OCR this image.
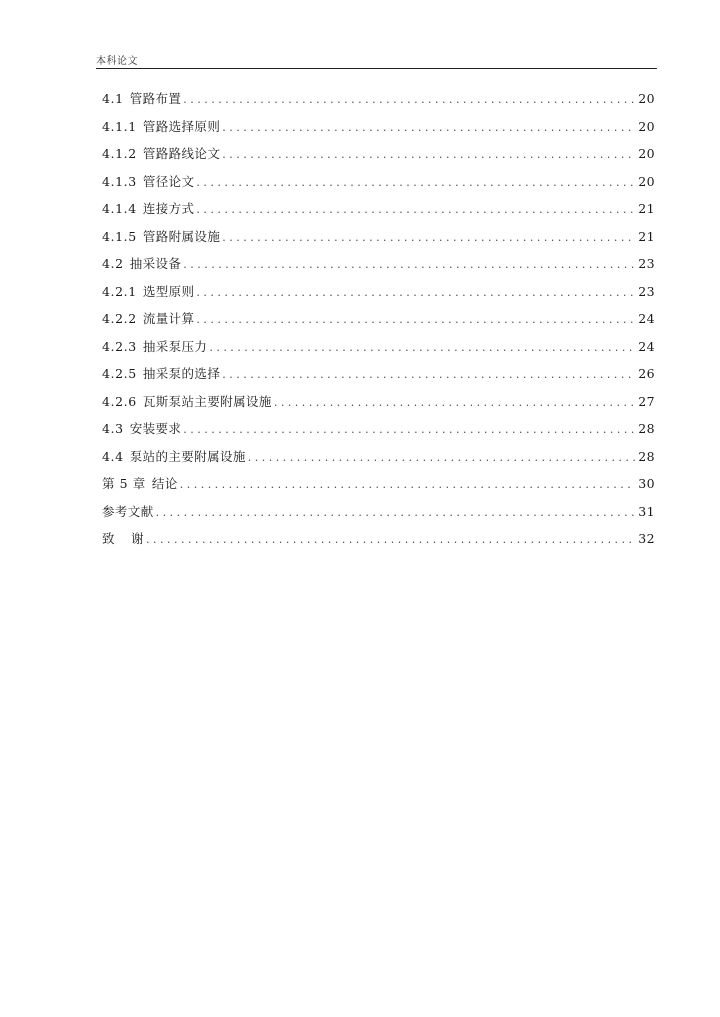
本科论文
4.1 管路布置 . . .	20
4.1.1 管路选择原则 . . .	20
4.1.2 管路路线论文 . . .	20
4.1.3 管径论文 . . .	20
4.1.4 连接方式 . . .	21
4.1.5 管路附属设施 . . .	21
4.2 抽采设备 . . .	23
4.2.1 选型原则 . . .	23
4.2.2 流量计算 . . .	24
4.2.3 抽采泵压力 . . .	24
4.2.5 抽采泵的选择 . . .	26
4.2.6 瓦斯泵站主要附属设施 . . .	27
4.3 安装要求 . . .	28
4.4 泵站的主要附属设施 . . .	28
第 5 章 结论 . . .	30
参考文献 . . .	31
致	谢 . . .	32
